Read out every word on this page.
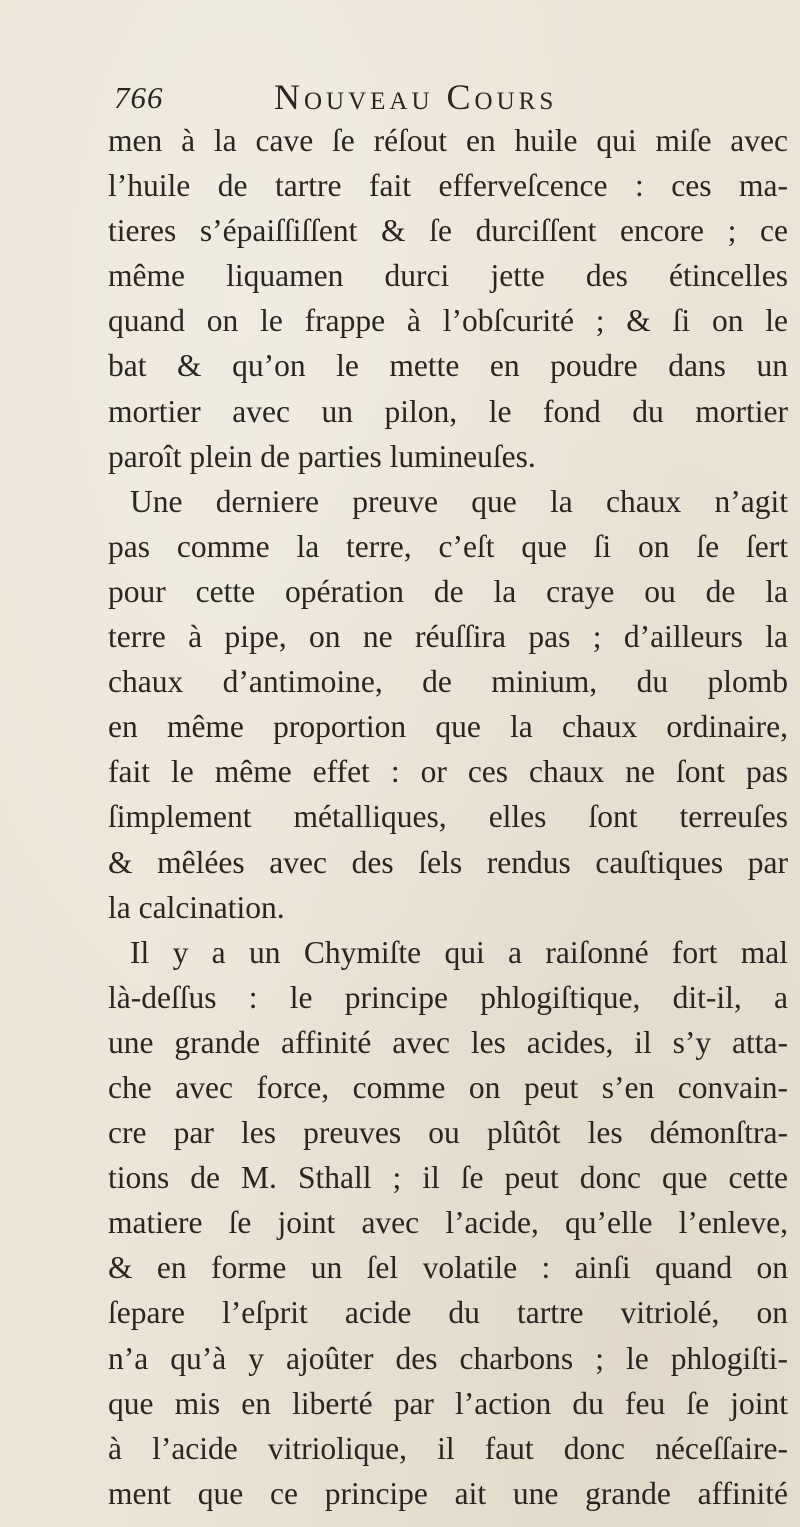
766	Nouveau Cours
men à la cave ſe réſout en huile qui miſe avec
l’huile de tartre fait efferveſcence : ces ma-
tieres s’épaiſſiſſent & ſe durciſſent encore ; ce
même liquamen durci jette des étincelles
quand on le frappe à l’obſcurité ; & ſi on le
bat & qu’on le mette en poudre dans un
mortier avec un pilon, le fond du mortier
paroît plein de parties lumineuſes.
Une derniere preuve que la chaux n’agit
pas comme la terre, c’eſt que ſi on ſe ſert
pour cette opération de la craye ou de la
terre à pipe, on ne réuſſira pas ; d’ailleurs la
chaux d’antimoine, de minium, du plomb
en même proportion que la chaux ordinaire,
fait le même effet : or ces chaux ne ſont pas
ſimplement métalliques, elles ſont terreuſes
& mêlées avec des ſels rendus cauſtiques par
la calcination.
Il y a un Chymiſte qui a raiſonné fort mal
là-deſſus : le principe phlogiſtique, dit-il, a
une grande affinité avec les acides, il s’y atta-
che avec force, comme on peut s’en convain-
cre par les preuves ou plûtôt les démonſtra-
tions de M. Sthall ; il ſe peut donc que cette
matiere ſe joint avec l’acide, qu’elle l’enleve,
& en forme un ſel volatile : ainſi quand on
ſepare l’eſprit acide du tartre vitriolé, on
n’a qu’à y ajoûter des charbons ; le phlogiſti-
que mis en liberté par l’action du feu ſe joint
à l’acide vitriolique, il faut donc néceſſaire-
ment que ce principe ait une grande affinité
